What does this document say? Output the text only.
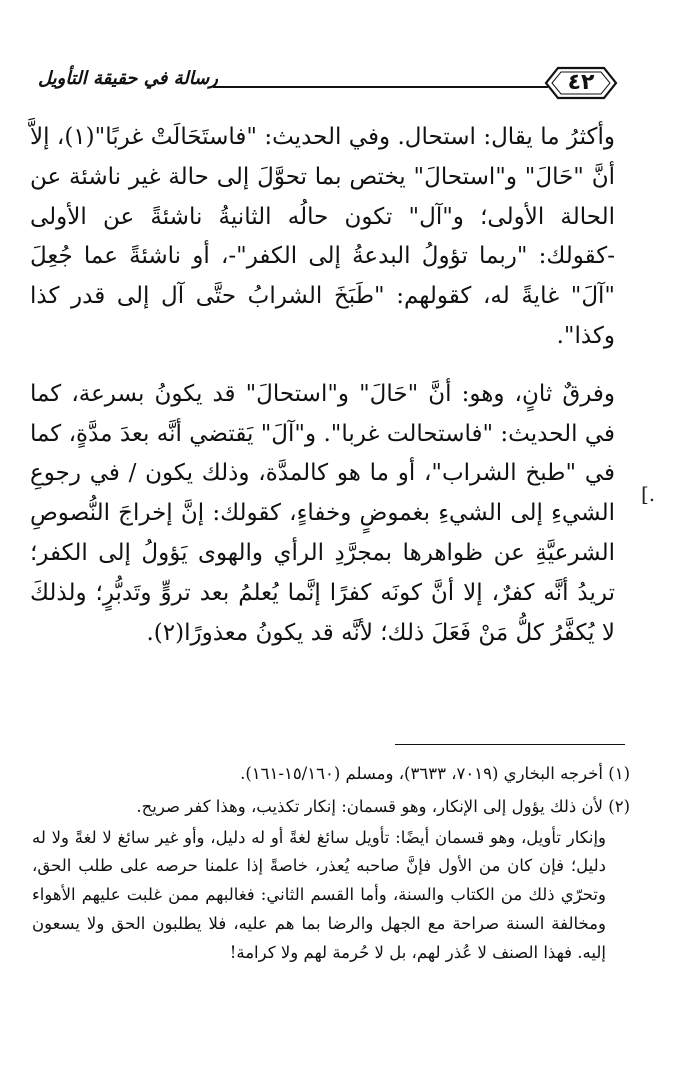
رسالة في حقيقة التأويل	٤٢

وأكثرُ ما يقال: استحال. وفي الحديث: "فاستَحَالَتْ غربًا"(١)، إلاَّ أنَّ "حَالَ" و"استحالَ" يختص بما تحوَّلَ إلى حالة غير ناشئة عن الحالة الأولى؛ و"آل" تكون حالُه الثانيةُ ناشئةً عن الأولى -كقولك: "ربما تؤولُ البدعةُ إلى الكفر"-، أو ناشئةً عما جُعِلَ "آلَ" غايةً له، كقولهم: "طَبَخَ الشرابُ حتَّى آل إلى قدر كذا وكذا".

وفرقٌ ثانٍ، وهو: أنَّ "حَالَ" و"استحالَ" قد يكونُ بسرعة، كما في الحديث: "فاستحالت غربا". و"آلَ" يَقتضي أنَّه بعدَ مدَّةٍ، كما في "طبخ الشراب"، أو ما هو كالمدَّة، وذلك يكون / في رجوعِ الشيءِ إلى الشيءِ بغموضٍ وخفاءٍ، كقولك: إنَّ إخراجَ النُّصوصِ الشرعيَّةِ عن ظواهرها بمجرَّدِ الرأي والهوى يَؤولُ إلى الكفر؛ تريدُ أنَّه كفرٌ، إلا أنَّ كونَه كفرًا إنَّما يُعلمُ بعد تروٍّ وتَدبُّرٍ؛ ولذلكَ لا يُكفَّرُ كلُّ مَنْ فَعَلَ ذلك؛ لأنَّه قد يكونُ معذورًا(٢).

[.

(١) أخرجه البخاري (٧٠١٩، ٣٦٣٣)، ومسلم (١٥/١٦٠-١٦١).

(٢) لأن ذلك يؤول إلى الإنكار، وهو قسمان: إنكار تكذيب، وهذا كفر صريح.

وإنكار تأويل، وهو قسمان أيضًا: تأويل سائغ لغةً أو له دليل، وأو غير سائغ لا لغةً ولا له دليل؛ فإن كان من الأول فإنَّ صاحبه يُعذر، خاصةً إذا علمنا حرصه على طلب الحق، وتحرّي ذلك من الكتاب والسنة، وأما القسم الثاني: فغالبهم ممن غلبت عليهم الأهواء ومخالفة السنة صراحة مع الجهل والرضا بما هم عليه، فلا يطلبون الحق ولا يسعون إليه. فهذا الصنف لا عُذر لهم، بل لا حُرمة لهم ولا كرامة!
